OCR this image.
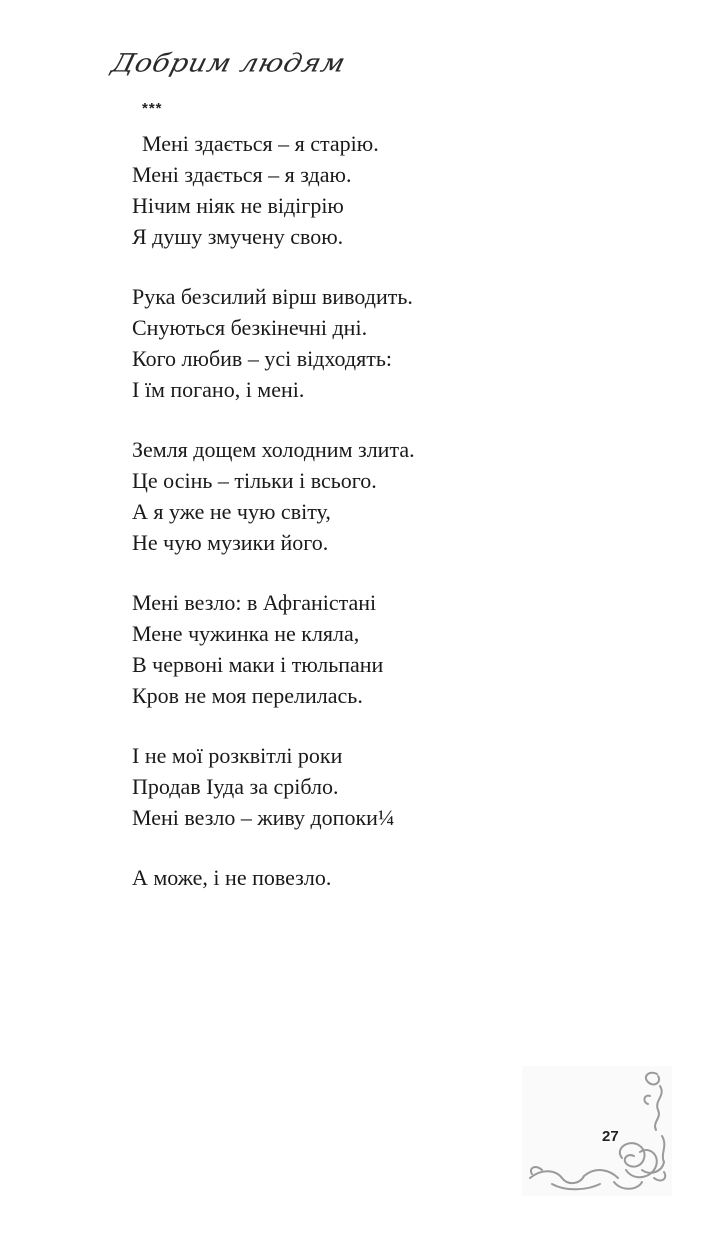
Добрим людям
***
Мені здається – я старію.
Мені здається – я здаю.
Нічим ніяк не відігрію
Я душу змучену свою.
Рука безсилий вірш виводить.
Снуються безкінечні дні.
Кого любив – усі відходять:
І їм погано, і мені.
Земля дощем холодним злита.
Це осінь – тільки і всього.
А я уже не чую світу,
Не чую музики його.
Мені везло: в Афганістані
Мене чужинка не кляла,
В червоні маки і тюльпани
Кров не моя перелилась.
І не мої розквітлі роки
Продав Іуда за срібло.
Мені везло – живу допоки¼
А може, і не повезло.
27
